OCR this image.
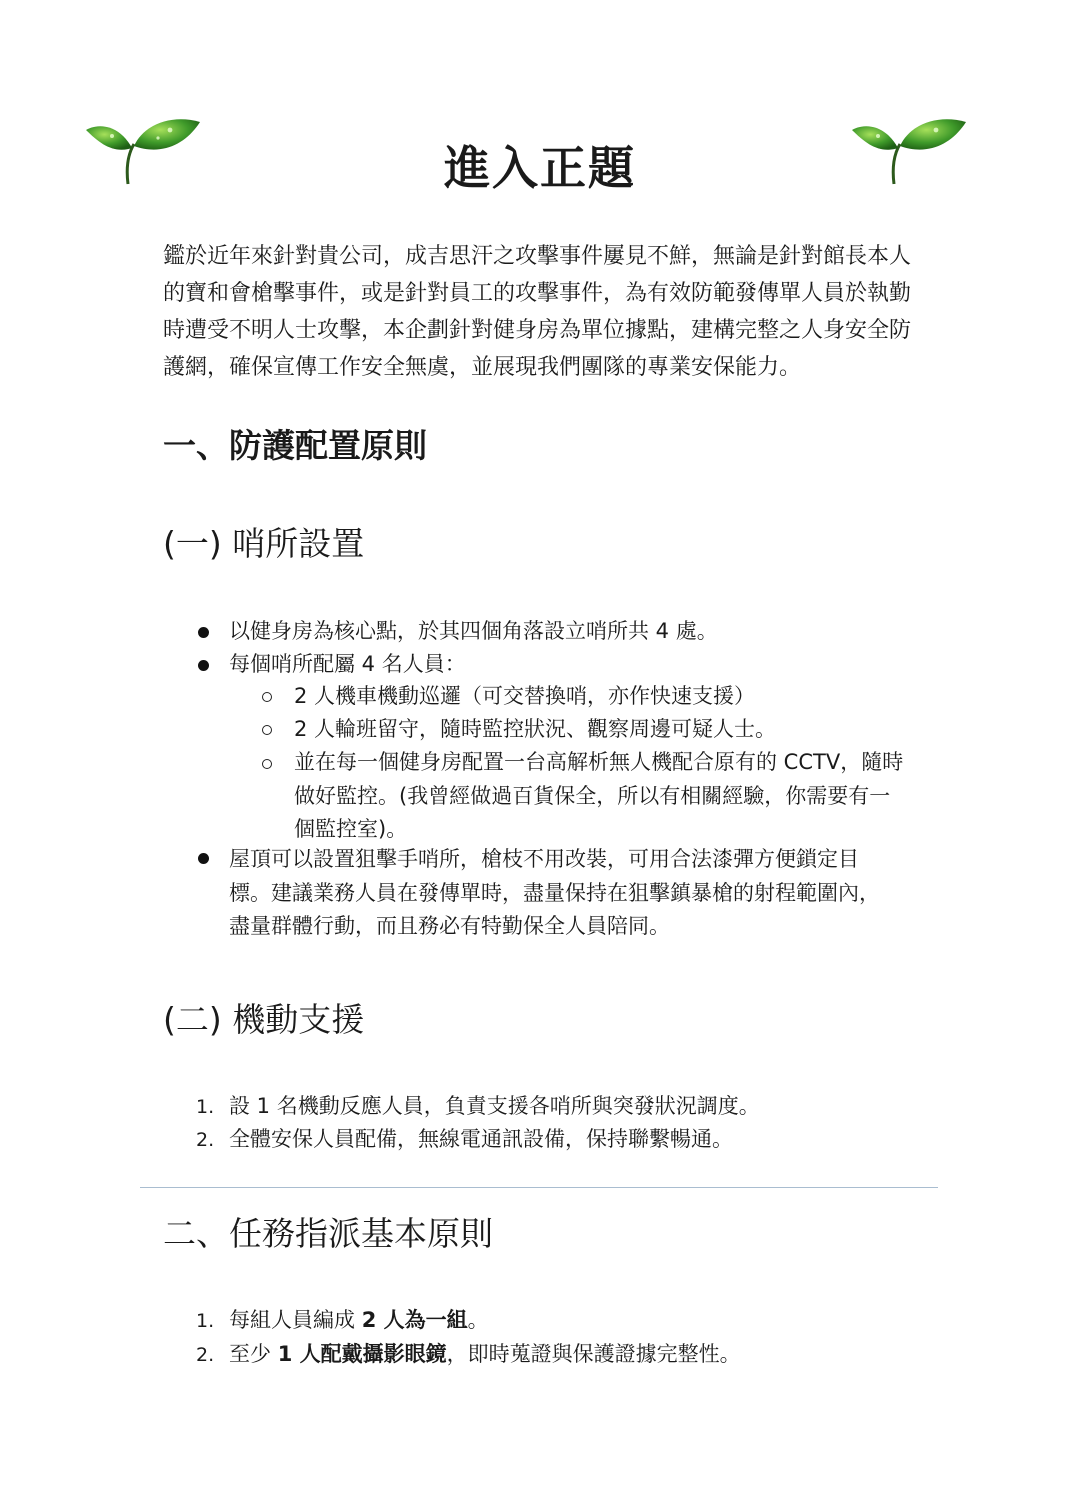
進入正題
鑑於近年來針對貴公司，成吉思汗之攻擊事件屢見不鮮，無論是針對館長本人的寶和會槍擊事件，或是針對員工的攻擊事件，為有效防範發傳單人員於執勤時遭受不明人士攻擊，本企劃針對健身房為單位據點，建構完整之人身安全防護網，確保宣傳工作安全無虞，並展現我們團隊的專業安保能力。
一、防護配置原則
(一) 哨所設置
以健身房為核心點，於其四個角落設立哨所共 4 處。
每個哨所配屬 4 名人員：
2 人機車機動巡邏（可交替換哨，亦作快速支援）
2 人輪班留守，隨時監控狀況、觀察周邊可疑人士。
並在每一個健身房配置一台高解析無人機配合原有的 CCTV，隨時
做好監控。(我曾經做過百貨保全，所以有相關經驗，你需要有一
個監控室)。
屋頂可以設置狙擊手哨所，槍枝不用改裝，可用合法漆彈方便鎖定目
標。建議業務人員在發傳單時，盡量保持在狙擊鎮暴槍的射程範圍內，
盡量群體行動，而且務必有特勤保全人員陪同。
(二) 機動支援
1. 設 1 名機動反應人員，負責支援各哨所與突發狀況調度。
2. 全體安保人員配備，無線電通訊設備，保持聯繫暢通。
二、任務指派基本原則
1. 每組人員編成 2 人為一組。
2. 至少 1 人配戴攝影眼鏡，即時蒐證與保護證據完整性。
